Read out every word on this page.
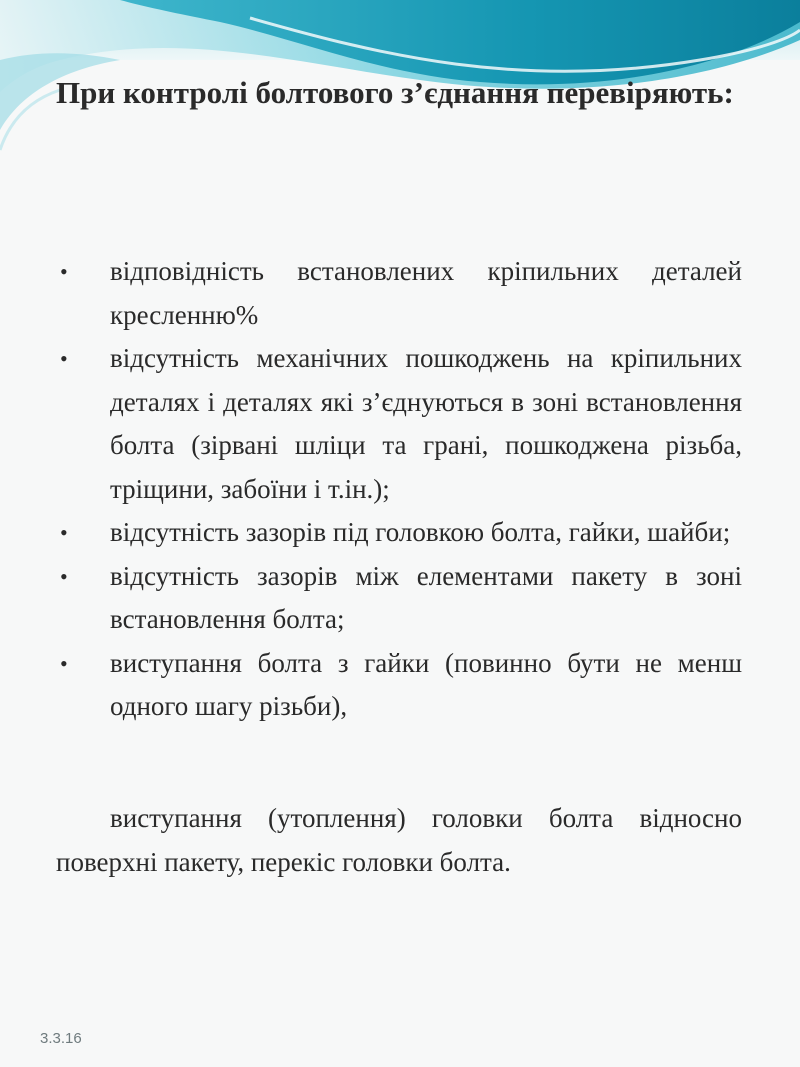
При контролі болтового з’єднання перевіряють:
• відповідність встановлених кріпильних деталей кресленню%
• відсутність механічних пошкоджень на кріпильних деталях і деталях які з’єднуються в зоні встановлення болта (зірвані шліци та грані, пошкоджена різьба, тріщини, забоїни і т.ін.);
• відсутність зазорів під головкою болта, гайки, шайби;
• відсутність зазорів між елементами пакету в зоні встановлення болта;
• виступання болта з гайки (повинно бути не менш одного шагу різьби),
виступання (утоплення) головки болта відносно поверхні пакету, перекіс головки болта.
3.3.16
